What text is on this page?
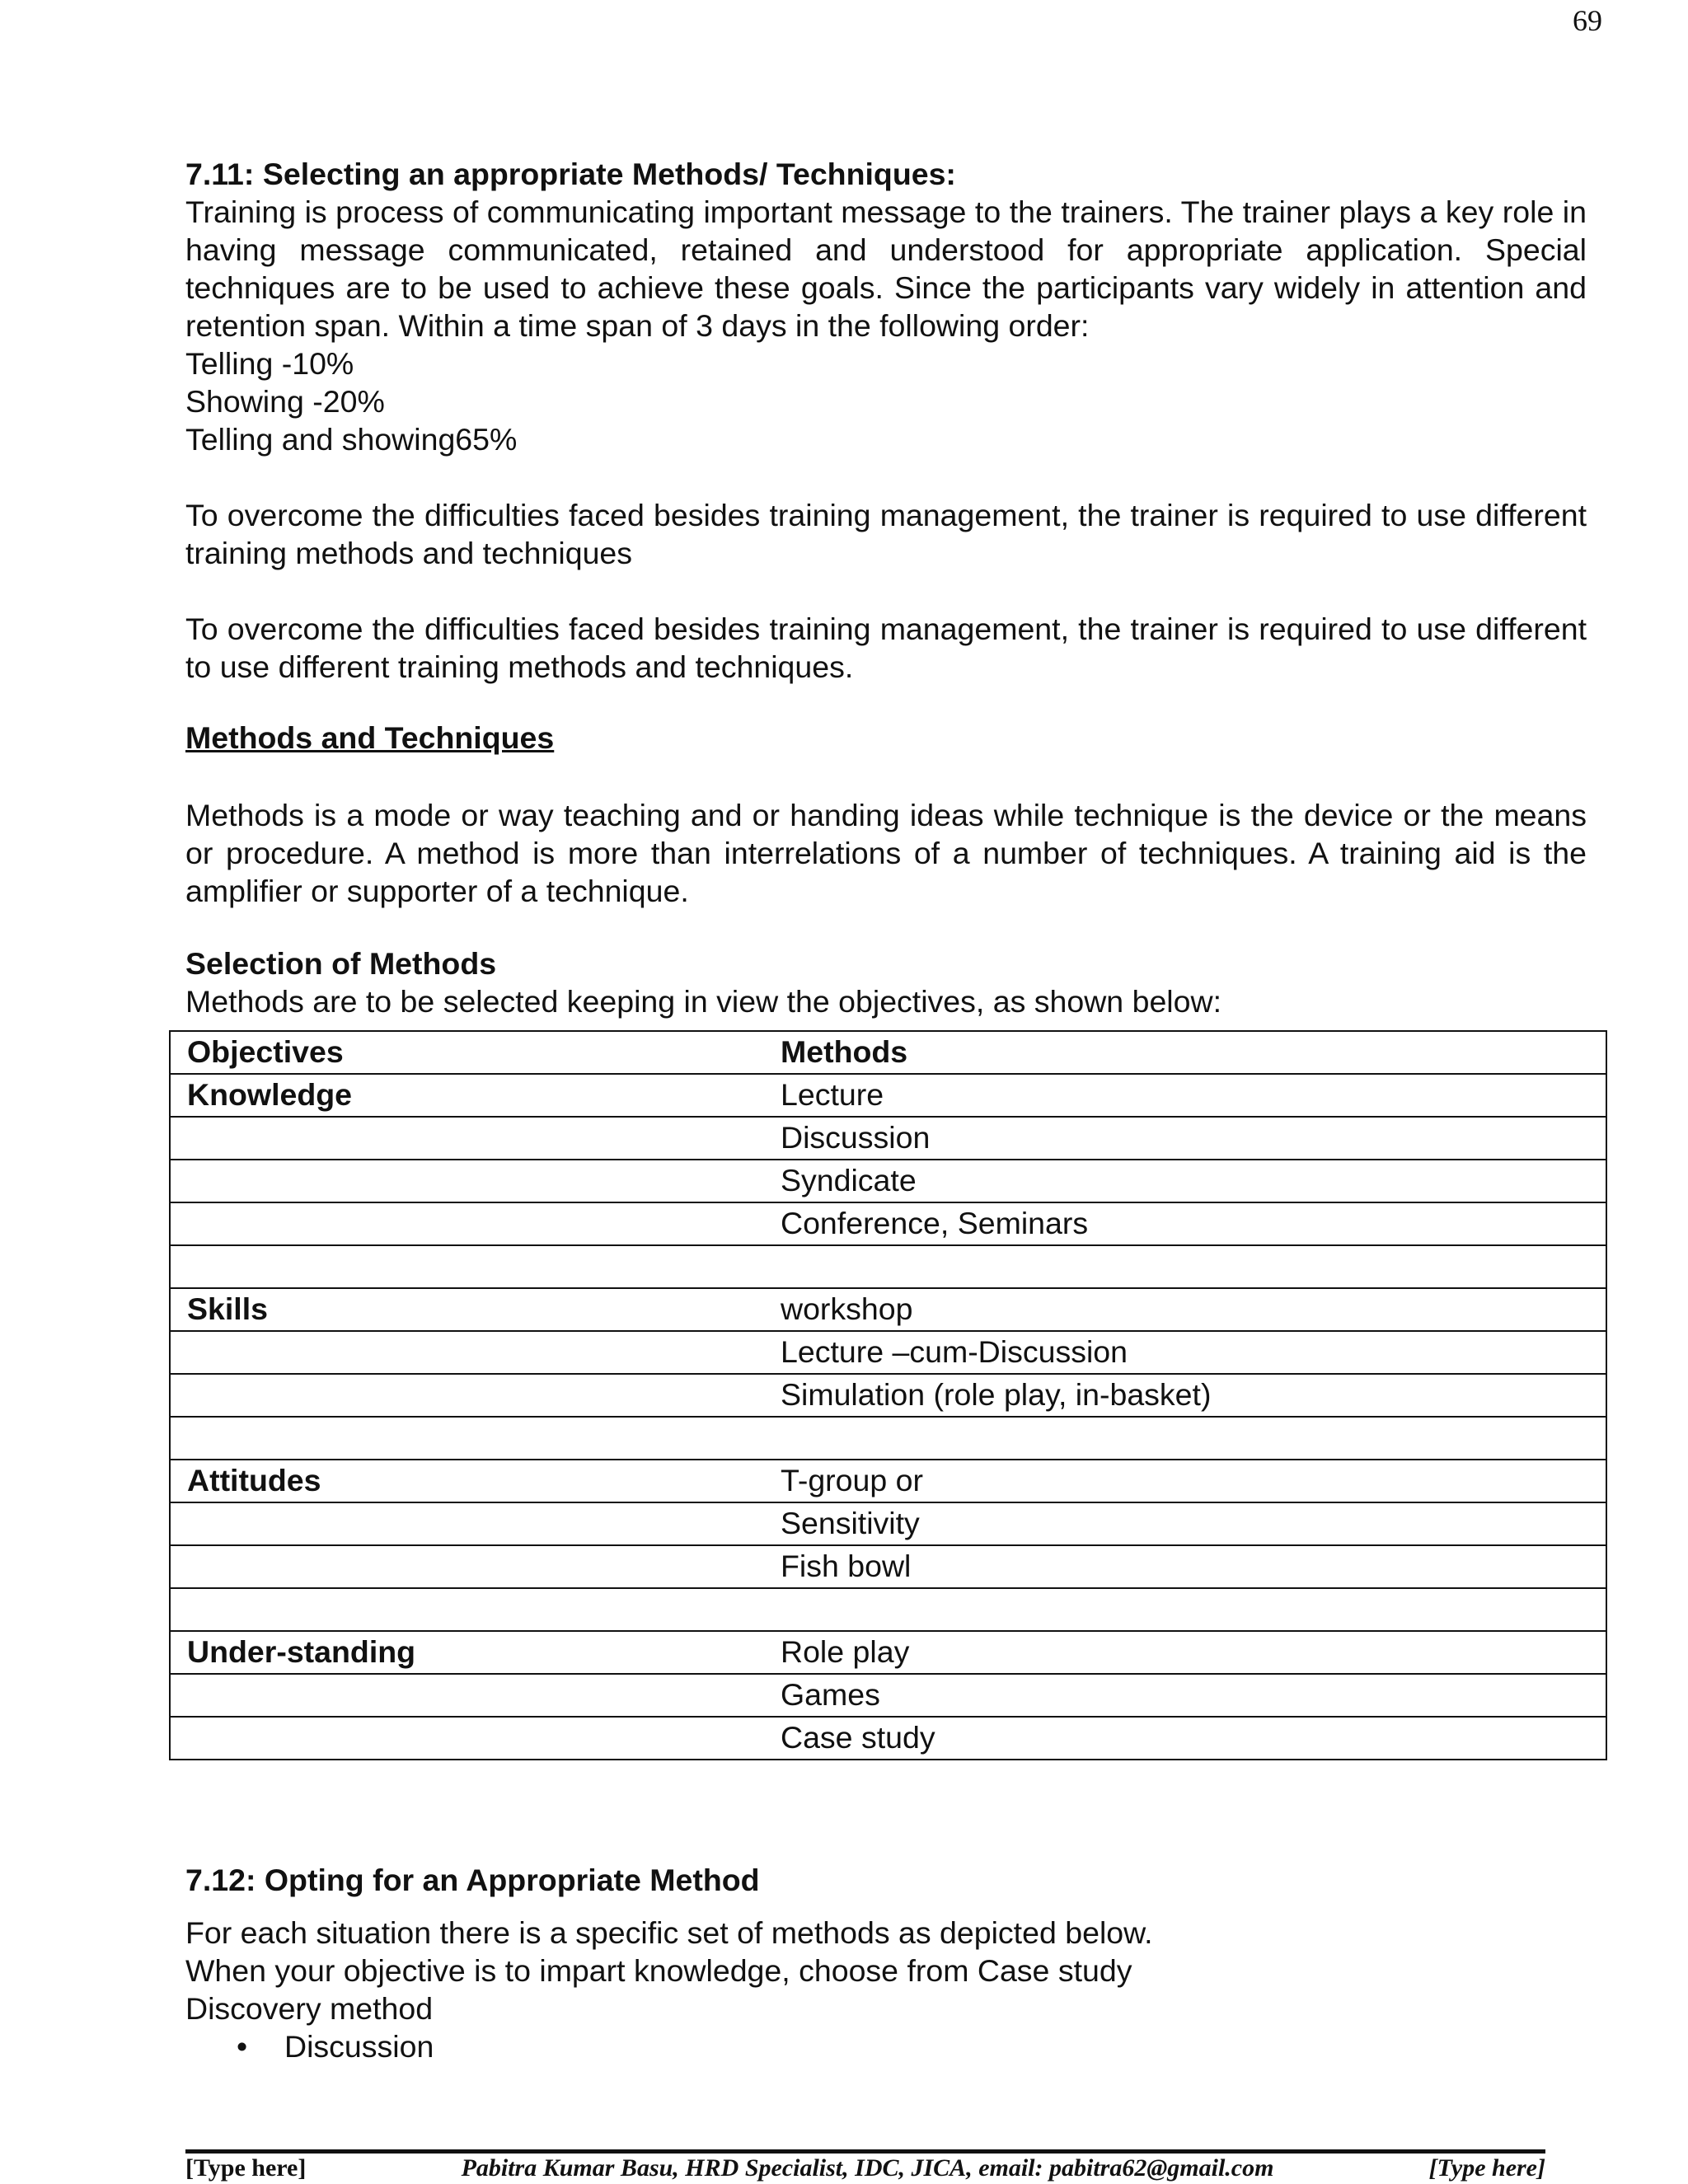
69

7.11: Selecting an appropriate Methods/ Techniques:

Training is process of communicating important message to the trainers. The trainer plays a key role in having message communicated, retained and understood for appropriate application. Special techniques are to be used to achieve these goals. Since the participants vary widely in attention and retention span. Within a time span of 3 days in the following order:

Telling -10%
Showing -20%
Telling and showing65%

To overcome the difficulties faced besides training management, the trainer is required to use different training methods and techniques

To overcome the difficulties faced besides training management, the trainer is required to use different to use different training methods and techniques.

Methods and Techniques

Methods is a mode or way teaching and or handing ideas while technique is the device or the means or procedure. A method is more than interrelations of a number of techniques. A training aid is the amplifier or supporter of a technique.

Selection of Methods

Methods are to be selected keeping in view the objectives, as shown below:
Objectives	Methods
Knowledge	Lecture
	Discussion
	Syndicate
	Conference, Seminars

Skills	workshop
	Lecture –cum-Discussion
	Simulation (role play, in-basket)

Attitudes	T-group or
	Sensitivity
	Fish bowl

Under-standing	Role play
	Games
	Case study

7.12: Opting for an Appropriate Method

For each situation there is a specific set of methods as depicted below.
When your objective is to impart knowledge, choose from Case study
Discovery method
• Discussion
[Type here]	Pabitra Kumar Basu, HRD Specialist, IDC, JICA, email: pabitra62@gmail.com	[Type here]
